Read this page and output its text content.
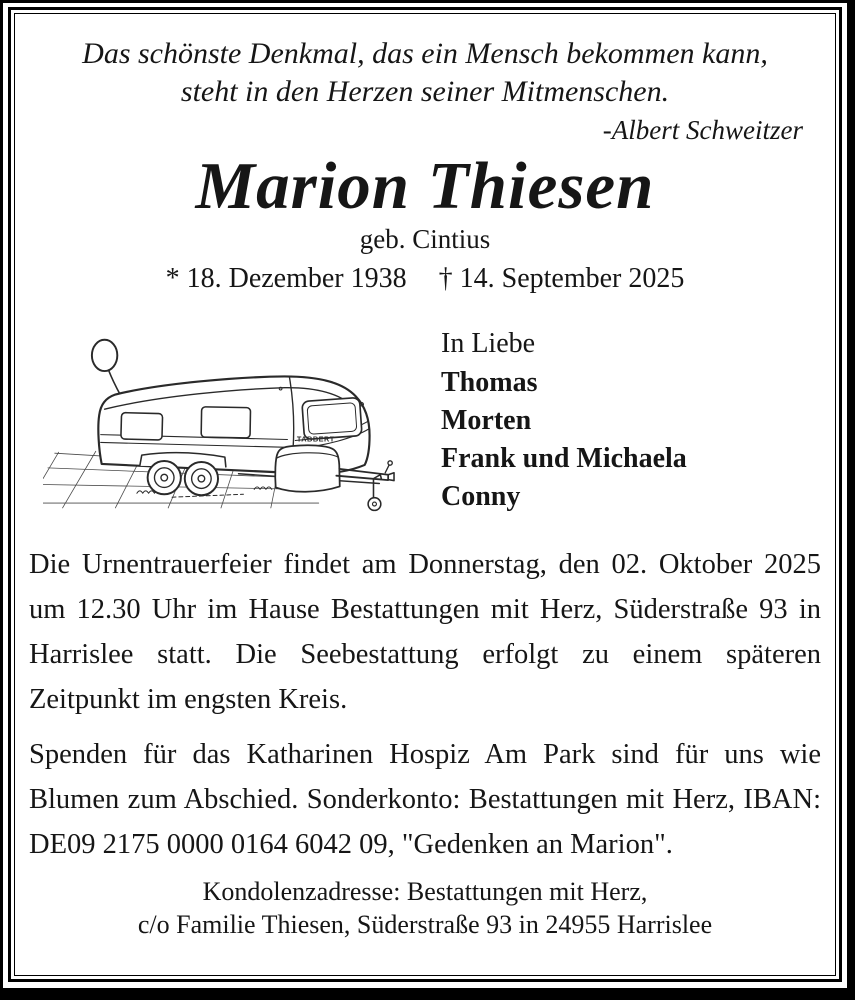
Das schönste Denkmal, das ein Mensch bekommen kann,
steht in den Herzen seiner Mitmenschen.
-Albert Schweitzer
Marion Thiesen
geb. Cintius
* 18. Dezember 1938 † 14. September 2025
TABBERT
In Liebe
Thomas
Morten
Frank und Michaela
Conny

Die Urnentrauerfeier findet am Donnerstag, den 02. Oktober 2025 um 12.30 Uhr im Hause Bestattungen mit Herz, Süderstraße 93 in Harrislee statt. Die Seebestattung erfolgt zu einem späteren Zeitpunkt im engsten Kreis.

Spenden für das Katharinen Hospiz Am Park sind für uns wie Blumen zum Abschied. Sonderkonto: Bestattungen mit Herz, IBAN: DE09 2175 0000 0164 6042 09, "Gedenken an Marion".

Kondolenzadresse: Bestattungen mit Herz,
c/o Familie Thiesen, Süderstraße 93 in 24955 Harrislee
